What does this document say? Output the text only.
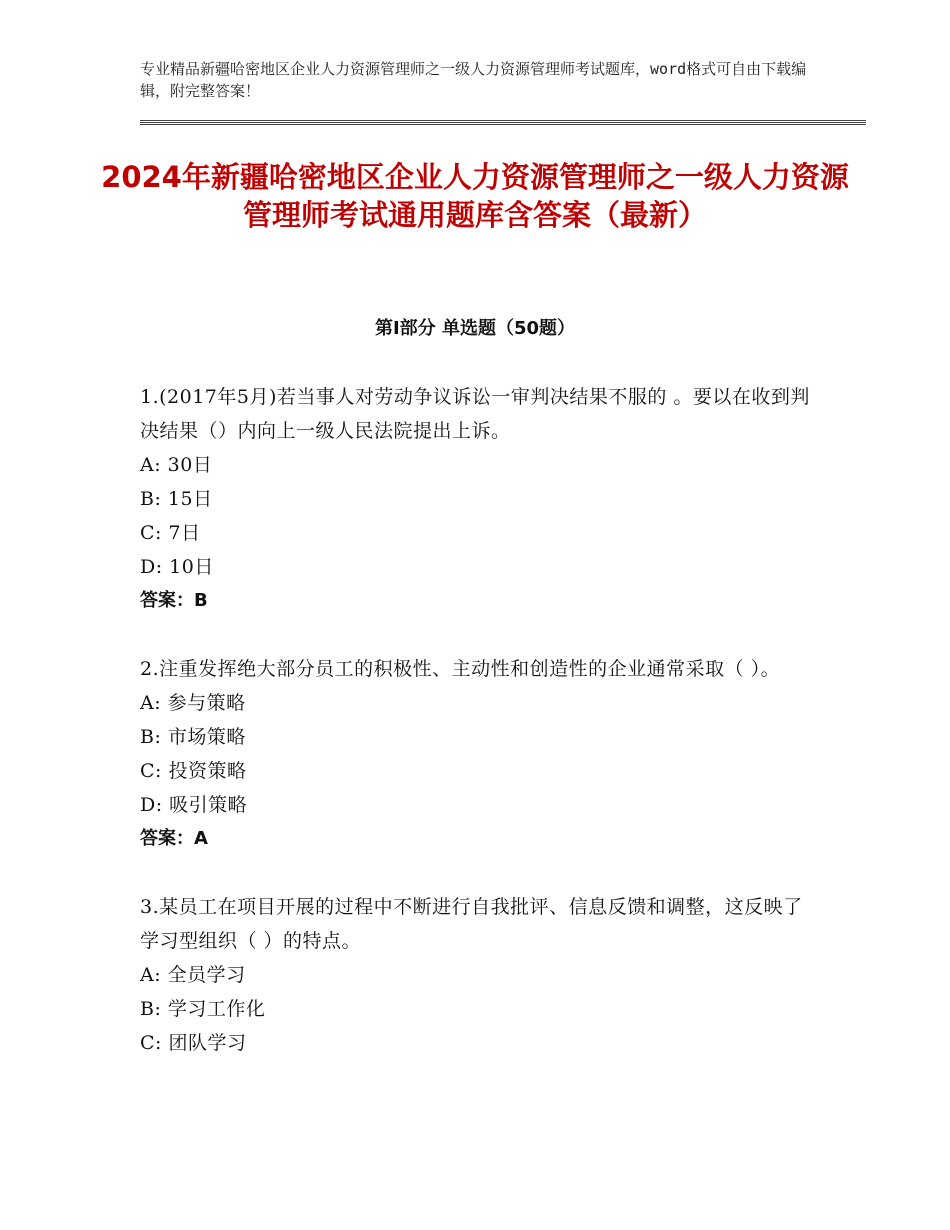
专业精品新疆哈密地区企业人力资源管理师之一级人力资源管理师考试题库，word格式可自由下载编辑，附完整答案！
2024年新疆哈密地区企业人力资源管理师之一级人力资源管理师考试通用题库含答案（最新）
第Ⅰ部分 单选题（50题）
1.(2017年5月)若当事人对劳动争议诉讼一审判决结果不服的 。要以在收到判决结果（）内向上一级人民法院提出上诉。
A: 30日
B: 15日
C: 7日
D: 10日
答案：B
2.注重发挥绝大部分员工的积极性、主动性和创造性的企业通常采取（ ）。
A: 参与策略
B: 市场策略
C: 投资策略
D: 吸引策略
答案：A
3.某员工在项目开展的过程中不断进行自我批评、信息反馈和调整，这反映了学习型组织（ ）的特点。
A: 全员学习
B: 学习工作化
C: 团队学习
